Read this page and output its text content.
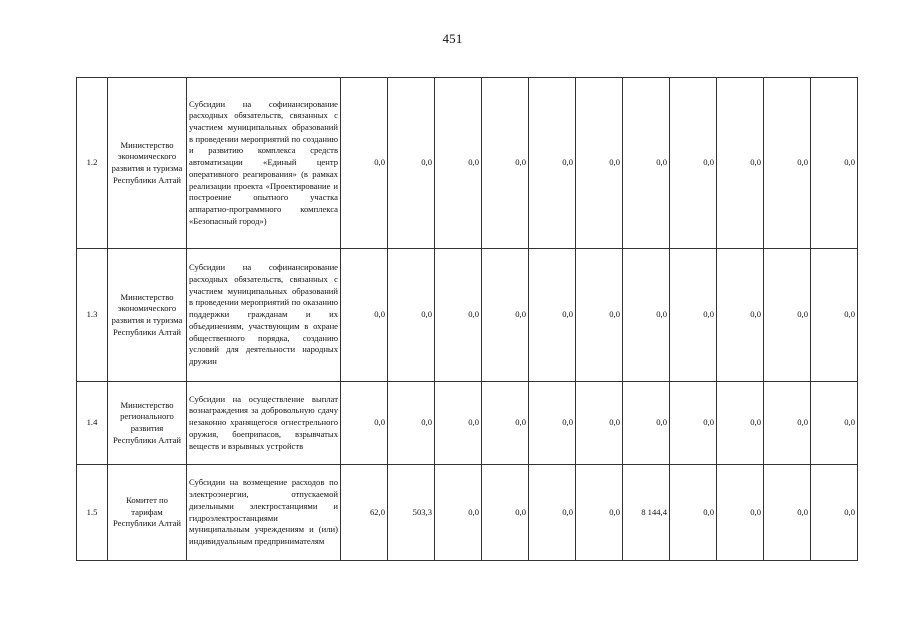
451
1.2	Министерство экономического развития и туризма Республики Алтай	Субсидии на софинансирование расходных обязательств, связанных с участием муниципальных образований в проведении мероприятий по созданию и развитию комплекса средств автоматизации «Единый центр оперативного реагирования» (в рамках реализации проекта «Проектирование и построение опытного участка аппаратно-программного комплекса «Безопасный город»)	0,0	0,0	0,0	0,0	0,0	0,0	0,0	0,0	0,0	0,0	0,0
1.3	Министерство экономического развития и туризма Республики Алтай	Субсидии на софинансирование расходных обязательств, связанных с участием муниципальных образований в проведении мероприятий по оказанию поддержки гражданам и их объединениям, участвующим в охране общественного порядка, созданию условий для деятельности народных дружин	0,0	0,0	0,0	0,0	0,0	0,0	0,0	0,0	0,0	0,0	0,0
1.4	Министерство регионального развития Республики Алтай	Субсидии на осуществление выплат вознаграждения за добровольную сдачу незаконно хранящегося огнестрельного оружия, боеприпасов, взрывчатых веществ и взрывных устройств	0,0	0,0	0,0	0,0	0,0	0,0	0,0	0,0	0,0	0,0	0,0
1.5	Комитет по тарифам Республики Алтай	Субсидии на возмещение расходов по электроэнергии, отпускаемой дизельными электростанциями и гидроэлектростанциями муниципальным учреждениям и (или) индивидуальным предпринимателям	62,0	503,3	0,0	0,0	0,0	0,0	8 144,4	0,0	0,0	0,0	0,0
